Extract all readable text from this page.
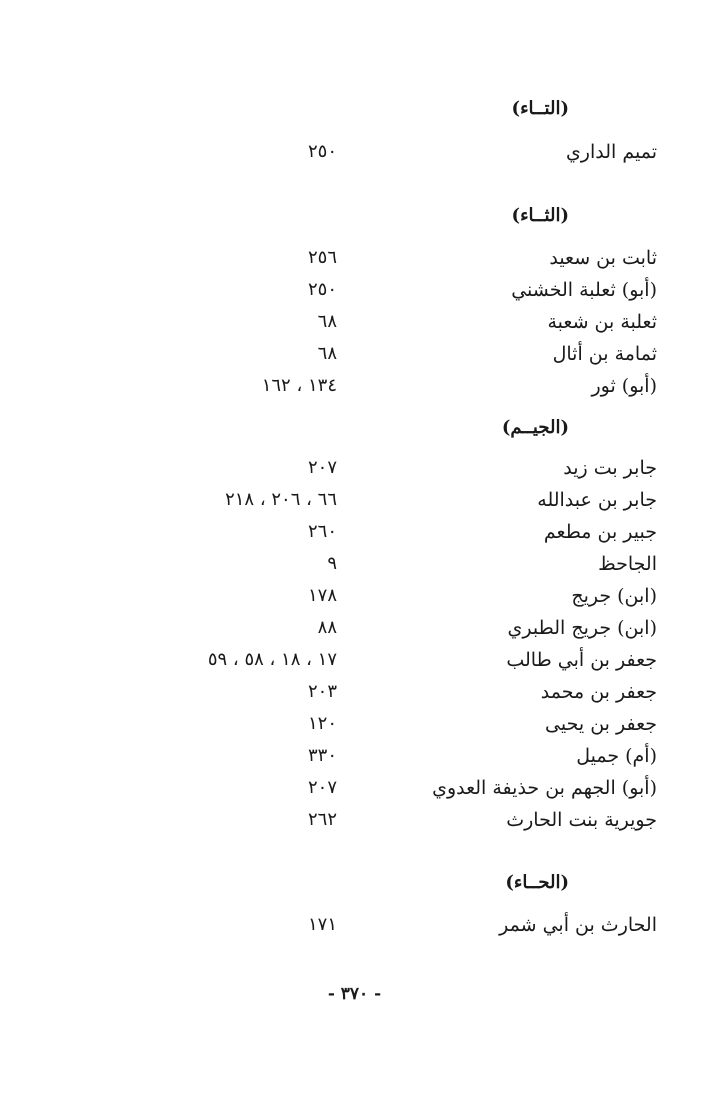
(التــاء)
تميم الداري
٢٥٠
(الثــاء)
ثابت بن سعيد
٢٥٦
(أبو) ثعلبة الخشني
٢٥٠
ثعلبة بن شعبة
٦٨
ثمامة بن أثال
٦٨
(أبو) ثور
١٣٤ ، ١٦٢
(الجيــم)
جابر بت زيد
٢٠٧
جابر بن عبدالله
٦٦ ، ٢٠٦ ، ٢١٨
جبير بن مطعم
٢٦٠
الجاحظ
٩
(ابن) جريج
١٧٨
(ابن) جريج الطبري
٨٨
جعفر بن أبي طالب
١٧ ، ١٨ ، ٥٨ ، ٥٩
جعفر بن محمد
٢٠٣
جعفر بن يحيى
١٢٠
(أم) جميل
٣٣٠
(أبو) الجهم بن حذيفة العدوي
٢٠٧
جويرية بنت الحارث
٢٦٢
(الحــاء)
الحارث بن أبي شمر
١٧١
- ٣٧٠ -
